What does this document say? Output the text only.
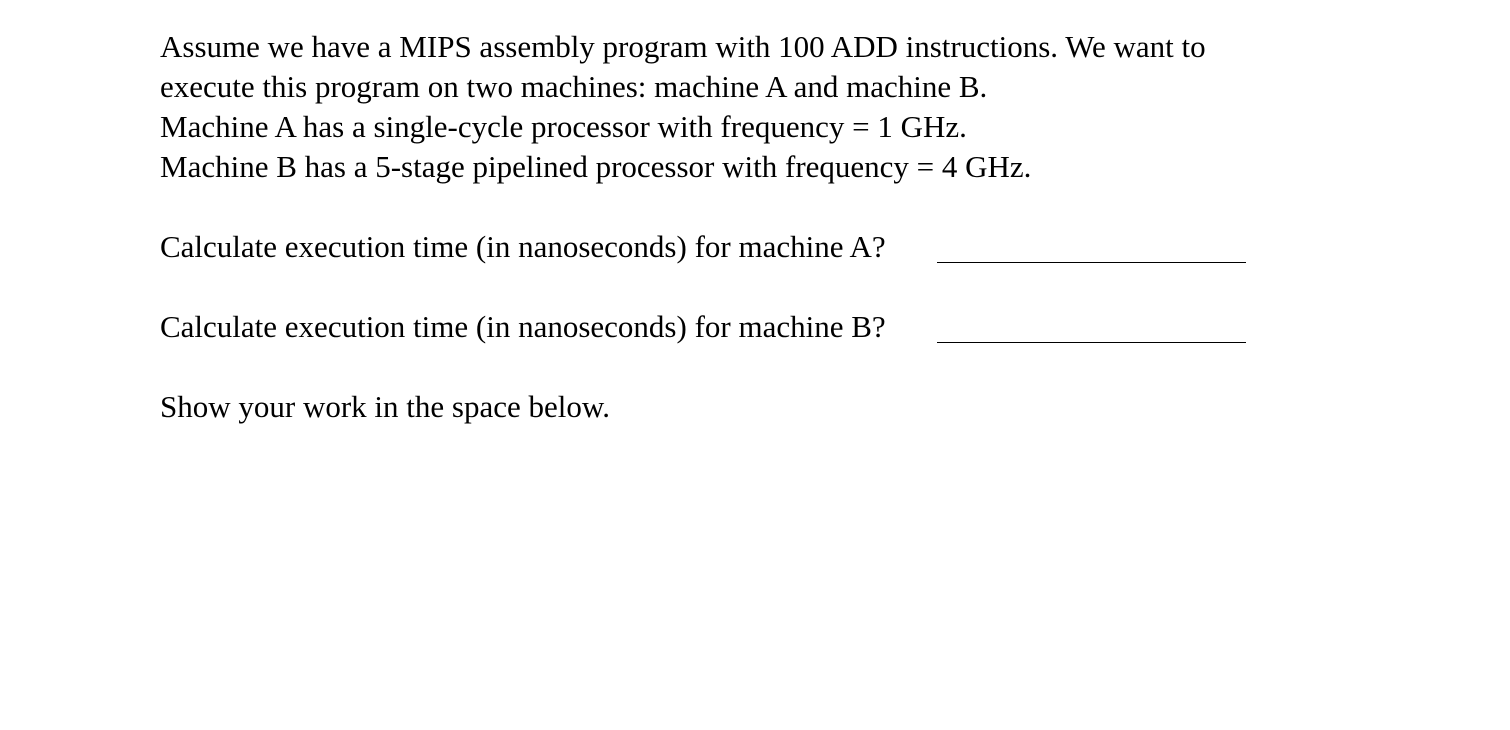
Assume we have a MIPS assembly program with 100 ADD instructions. We want to

execute this program on two machines: machine A and machine B.

Machine A has a single-cycle processor with frequency = 1 GHz.

Machine B has a 5-stage pipelined processor with frequency = 4 GHz.

Calculate execution time (in nanoseconds) for machine A?
Calculate execution time (in nanoseconds) for machine B?
Show your work in the space below.
